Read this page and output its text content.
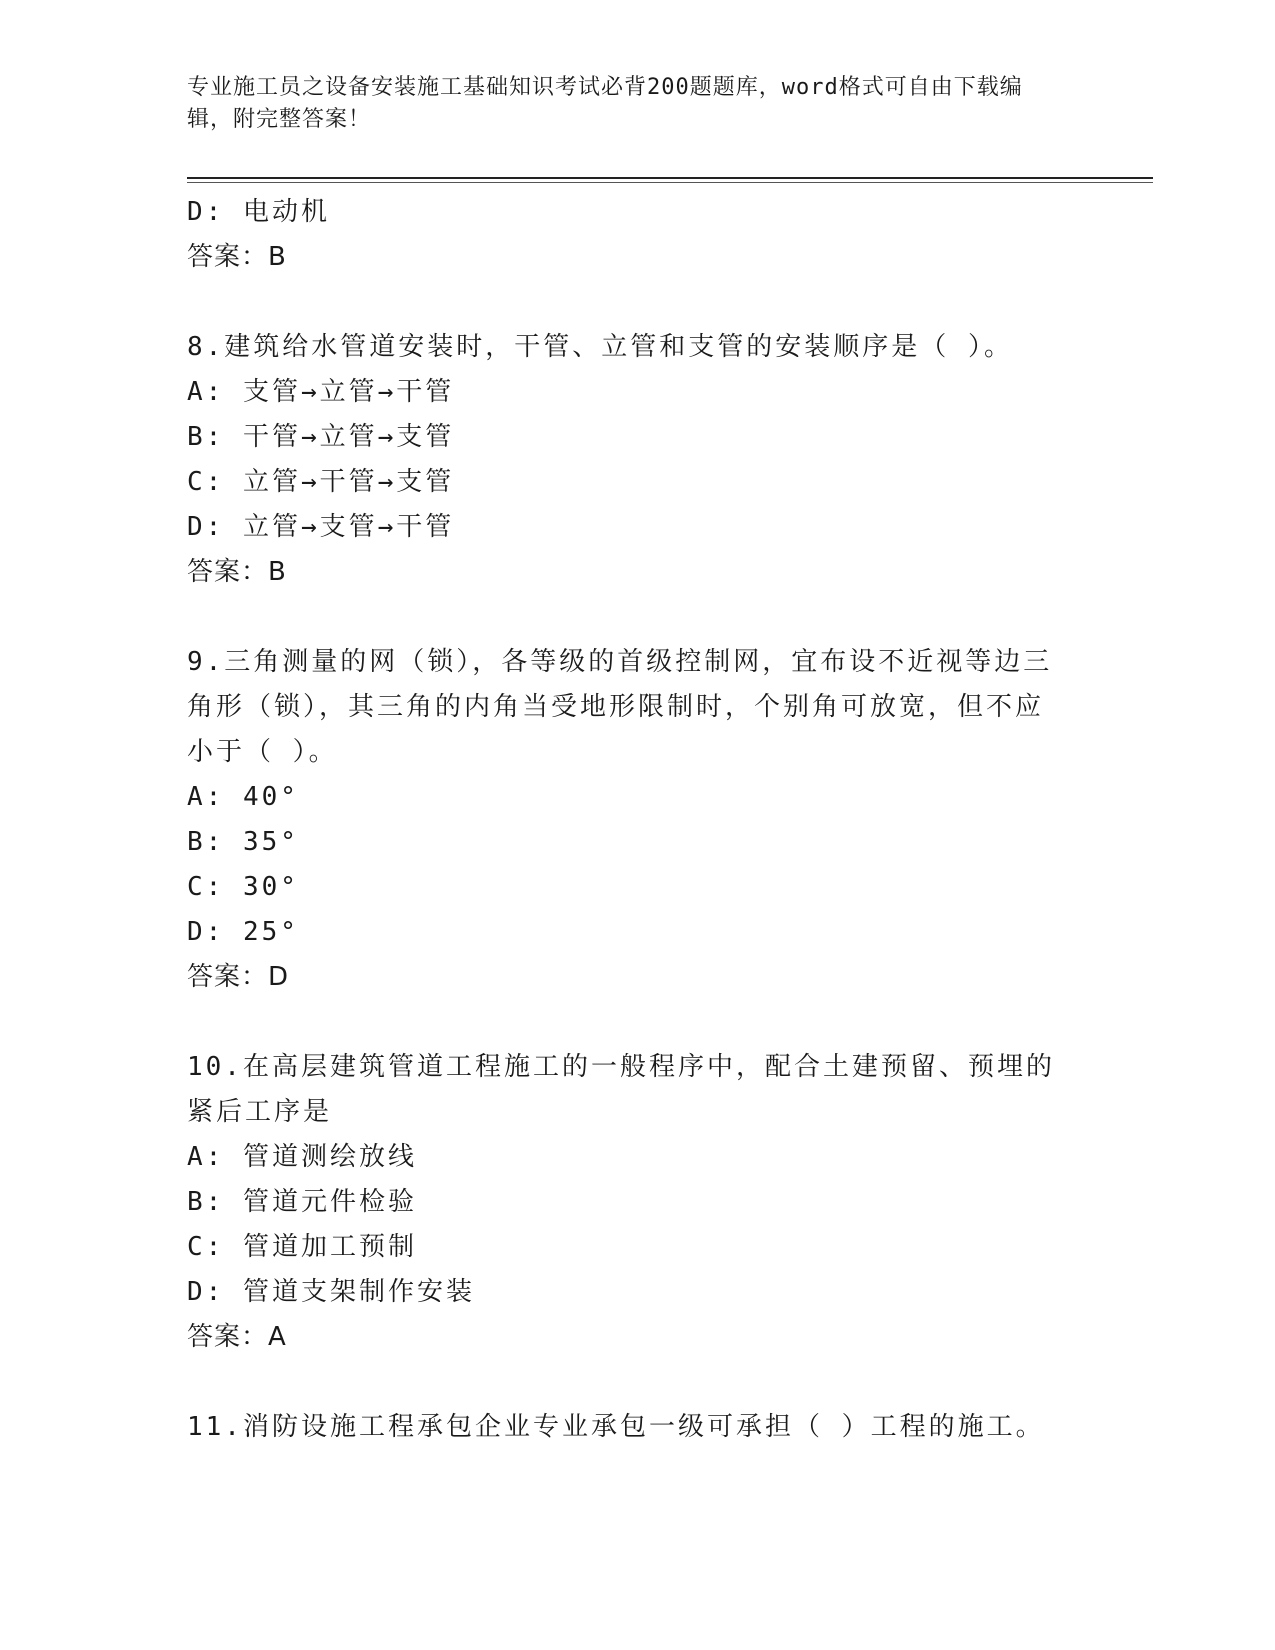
专业施工员之设备安装施工基础知识考试必背200题题库，word格式可自由下载编辑，附完整答案！
D: 电动机
答案：B
8.建筑给水管道安装时，干管、立管和支管的安装顺序是（ ）。
A: 支管→立管→干管
B: 干管→立管→支管
C: 立管→干管→支管
D: 立管→支管→干管
答案：B
9.三角测量的网（锁），各等级的首级控制网，宜布设不近视等边三角形（锁），其三角的内角当受地形限制时，个别角可放宽，但不应小于（ ）。
A: 40°
B: 35°
C: 30°
D: 25°
答案：D
10.在高层建筑管道工程施工的一般程序中，配合土建预留、预埋的紧后工序是
A: 管道测绘放线
B: 管道元件检验
C: 管道加工预制
D: 管道支架制作安装
答案：A
11.消防设施工程承包企业专业承包一级可承担（ ）工程的施工。
